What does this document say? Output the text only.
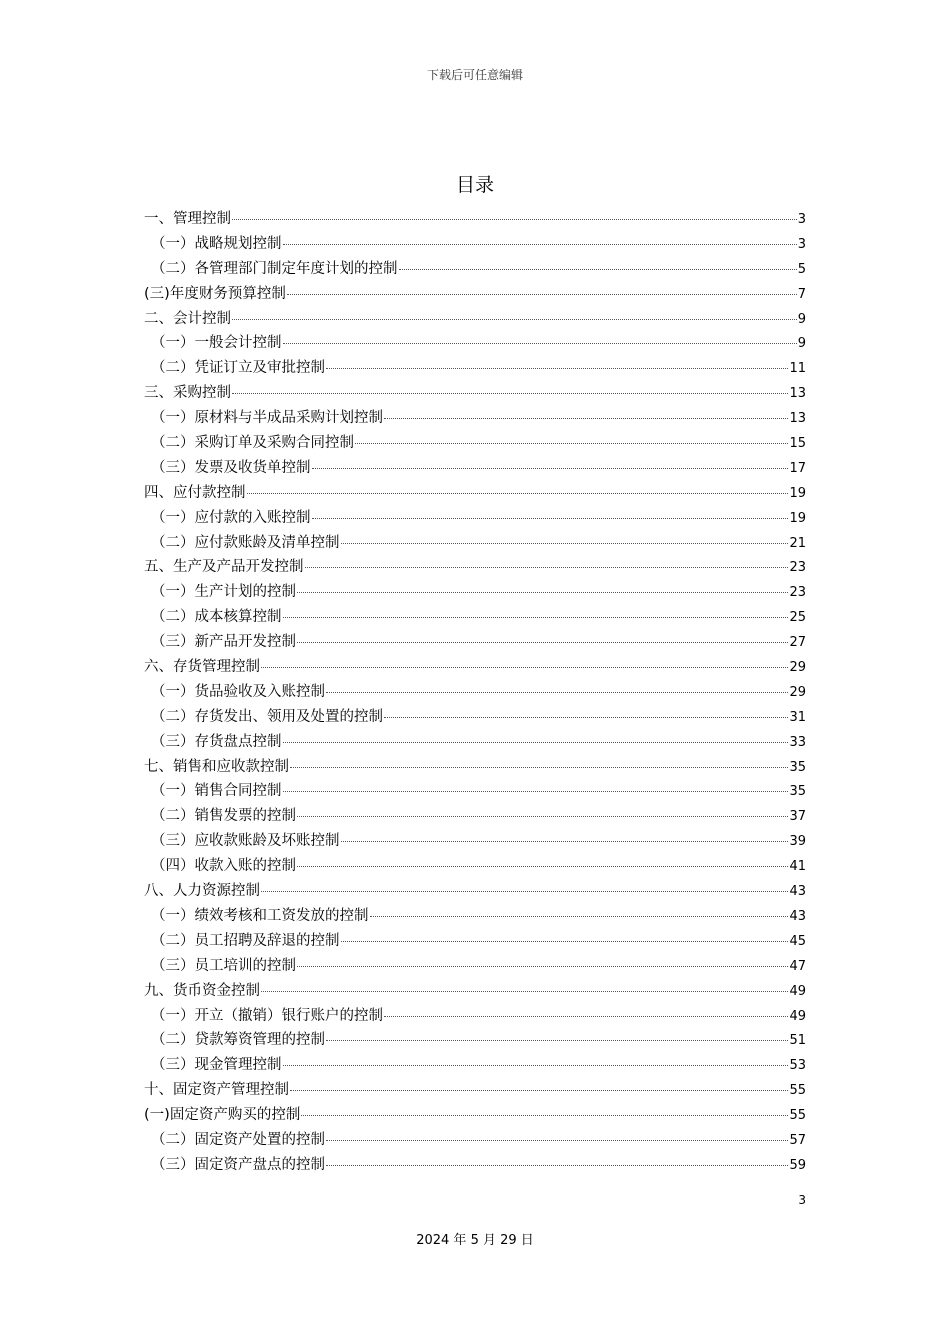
下载后可任意编辑
目录
一、管理控制	3
（一）战略规划控制	3
（二）各管理部门制定年度计划的控制	5
(三)年度财务预算控制	7
二、会计控制	9
（一）一般会计控制	9
（二）凭证订立及审批控制	11
三、采购控制	13
（一）原材料与半成品采购计划控制	13
（二）采购订单及采购合同控制	15
（三）发票及收货单控制	17
四、应付款控制	19
（一）应付款的入账控制	19
（二）应付款账龄及清单控制	21
五、生产及产品开发控制	23
（一）生产计划的控制	23
（二）成本核算控制	25
（三）新产品开发控制	27
六、存货管理控制	29
（一）货品验收及入账控制	29
（二）存货发出、领用及处置的控制	31
（三）存货盘点控制	33
七、销售和应收款控制	35
（一）销售合同控制	35
（二）销售发票的控制	37
（三）应收款账龄及坏账控制	39
（四）收款入账的控制	41
八、人力资源控制	43
（一）绩效考核和工资发放的控制	43
（二）员工招聘及辞退的控制	45
（三）员工培训的控制	47
九、货币资金控制	49
（一）开立（撤销）银行账户的控制	49
（二）贷款筹资管理的控制	51
（三）现金管理控制	53
十、固定资产管理控制	55
(一)固定资产购买的控制	55
（二）固定资产处置的控制	57
（三）固定资产盘点的控制	59
3
2024 年 5 月 29 日
